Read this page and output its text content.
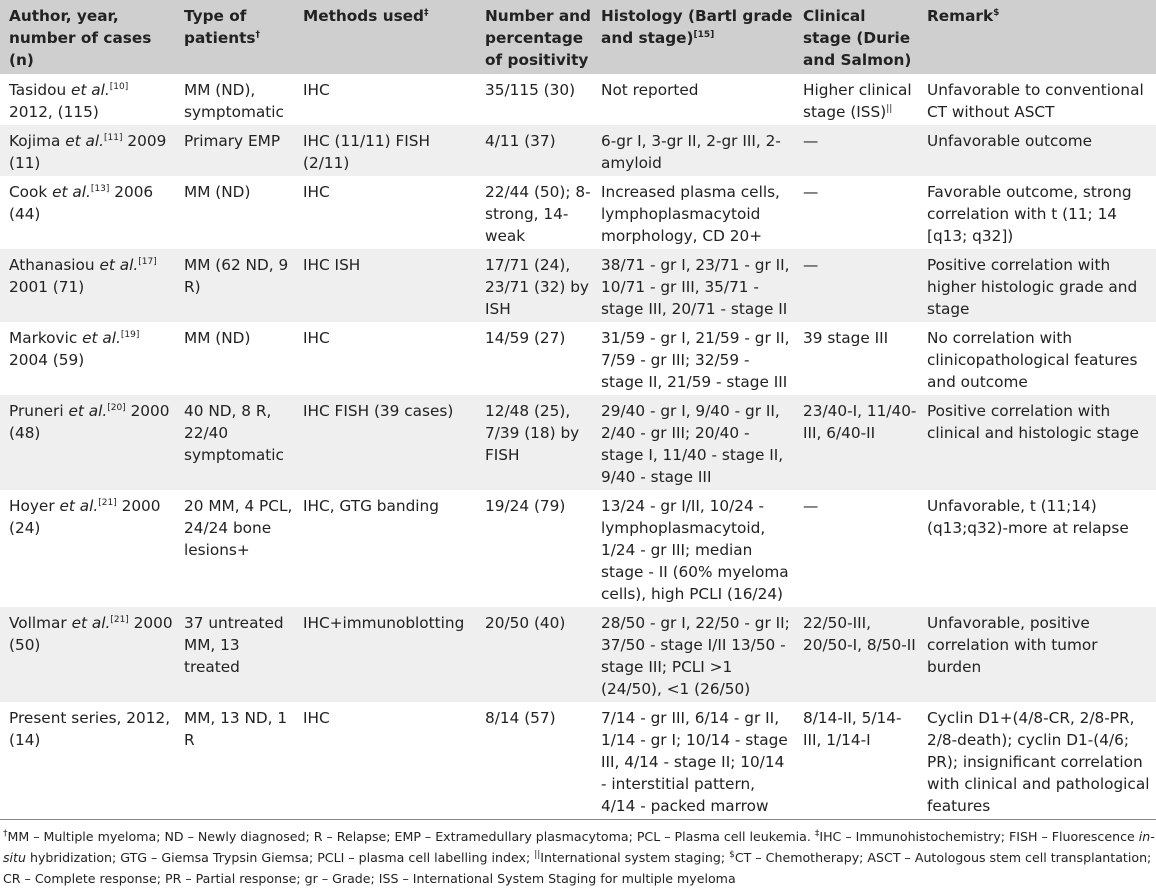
Author, year, number of cases (n)	Type of patients†	Methods used‡	Number and percentage of positivity	Histology (Bartl grade and stage)[15]	Clinical stage (Durie and Salmon)	Remark$
Tasidou et al.[10] 2012, (115)	MM (ND), symptomatic	IHC	35/115 (30)	Not reported	Higher clinical stage (ISS)||	Unfavorable to conventional CT without ASCT
Kojima et al.[11] 2009 (11)	Primary EMP	IHC (11/11) FISH (2/11)	4/11 (37)	6-gr I, 3-gr II, 2-gr III, 2-amyloid	—	Unfavorable outcome
Cook et al.[13] 2006 (44)	MM (ND)	IHC	22/44 (50); 8-strong, 14-weak	Increased plasma cells, lymphoplasmacytoid morphology, CD 20+	—	Favorable outcome, strong correlation with t (11; 14 [q13; q32])
Athanasiou et al.[17] 2001 (71)	MM (62 ND, 9 R)	IHC ISH	17/71 (24), 23/71 (32) by ISH	38/71 - gr I, 23/71 - gr II, 10/71 - gr III, 35/71 - stage III, 20/71 - stage II	—	Positive correlation with higher histologic grade and stage
Markovic et al.[19] 2004 (59)	MM (ND)	IHC	14/59 (27)	31/59 - gr I, 21/59 - gr II, 7/59 - gr III; 32/59 - stage II, 21/59 - stage III	39 stage III	No correlation with clinicopathological features and outcome
Pruneri et al.[20] 2000 (48)	40 ND, 8 R, 22/40 symptomatic	IHC FISH (39 cases)	12/48 (25), 7/39 (18) by FISH	29/40 - gr I, 9/40 - gr II, 2/40 - gr III; 20/40 - stage I, 11/40 - stage II, 9/40 - stage III	23/40-I, 11/40-III, 6/40-II	Positive correlation with clinical and histologic stage
Hoyer et al.[21] 2000 (24)	20 MM, 4 PCL, 24/24 bone lesions+	IHC, GTG banding	19/24 (79)	13/24 - gr I/II, 10/24 - lymphoplasmacytoid, 1/24 - gr III; median stage - II (60% myeloma cells), high PCLI (16/24)	—	Unfavorable, t (11;14) (q13;q32)-more at relapse
Vollmar et al.[21] 2000 (50)	37 untreated MM, 13 treated	IHC+immunoblotting	20/50 (40)	28/50 - gr I, 22/50 - gr II; 37/50 - stage I/II 13/50 - stage III; PCLI >1 (24/50), <1 (26/50)	22/50-III, 20/50-I, 8/50-II	Unfavorable, positive correlation with tumor burden
Present series, 2012, (14)	MM, 13 ND, 1 R	IHC	8/14 (57)	7/14 - gr III, 6/14 - gr II, 1/14 - gr I; 10/14 - stage III, 4/14 - stage II; 10/14 - interstitial pattern, 4/14 - packed marrow	8/14-II, 5/14-III, 1/14-I	Cyclin D1+(4/8-CR, 2/8-PR, 2/8-death); cyclin D1-(4/6; PR); insignificant correlation with clinical and pathological features
†MM – Multiple myeloma; ND – Newly diagnosed; R – Relapse; EMP – Extramedullary plasmacytoma; PCL – Plasma cell leukemia. ‡IHC – Immunohistochemistry; FISH – Fluorescence in-situ hybridization; GTG – Giemsa Trypsin Giemsa; PCLI – plasma cell labelling index; ||International system staging; $CT – Chemotherapy; ASCT – Autologous stem cell transplantation; CR – Complete response; PR – Partial response; gr – Grade; ISS – International System Staging for multiple myeloma
